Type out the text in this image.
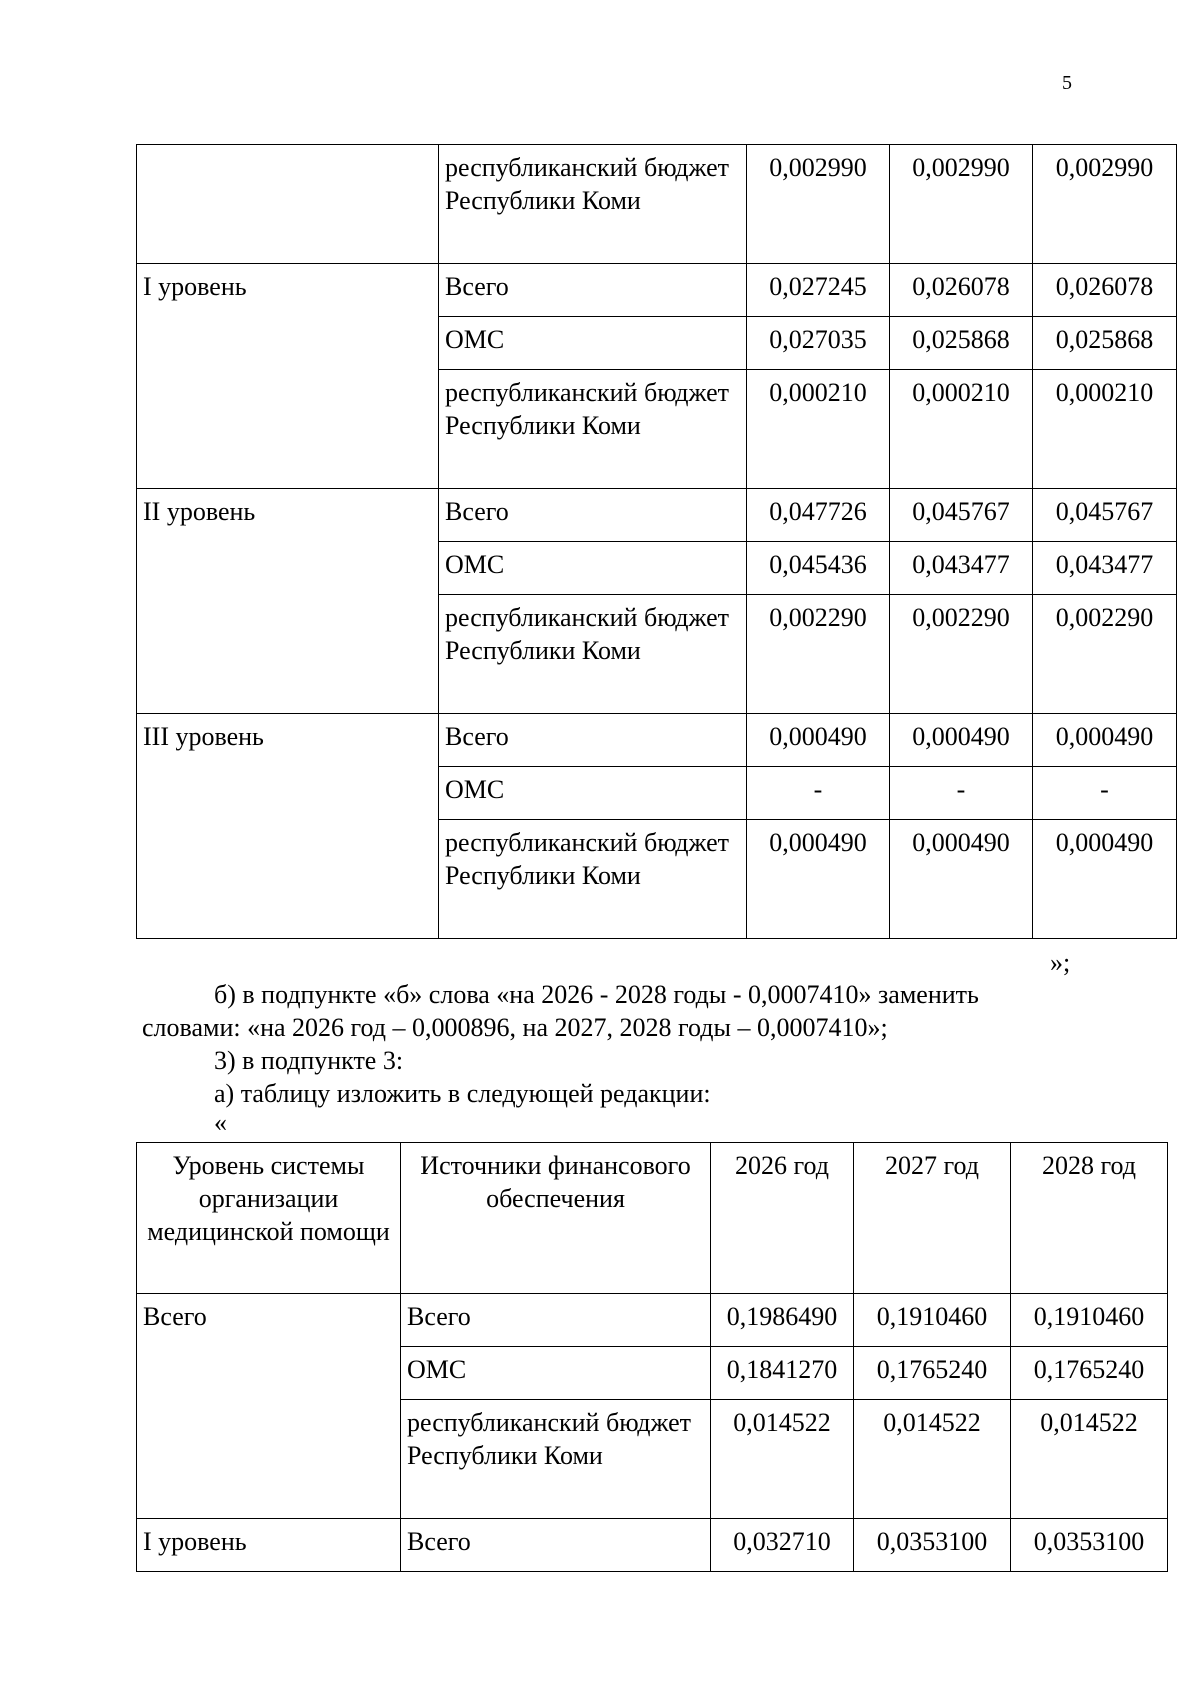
5
	республиканский бюджет Республики Коми	0,002990	0,002990	0,002990
I уровень	Всего	0,027245	0,026078	0,026078
	ОМС	0,027035	0,025868	0,025868
	республиканский бюджет Республики Коми	0,000210	0,000210	0,000210
II уровень	Всего	0,047726	0,045767	0,045767
	ОМС	0,045436	0,043477	0,043477
	республиканский бюджет Республики Коми	0,002290	0,002290	0,002290
III уровень	Всего	0,000490	0,000490	0,000490
	ОМС	-	-	-
	республиканский бюджет Республики Коми	0,000490	0,000490	0,000490
»;
б) в подпункте «б» слова «на 2026 - 2028 годы - 0,0007410» заменить
словами: «на 2026 год – 0,000896, на 2027, 2028 годы – 0,0007410»;
3) в подпункте 3:
а) таблицу изложить в следующей редакции:
«
Уровень системы организации медицинской помощи	Источники финансового обеспечения	2026 год	2027 год	2028 год
Всего	Всего	0,1986490	0,1910460	0,1910460
	ОМС	0,1841270	0,1765240	0,1765240
	республиканский бюджет Республики Коми	0,014522	0,014522	0,014522
I уровень	Всего	0,032710	0,0353100	0,0353100
